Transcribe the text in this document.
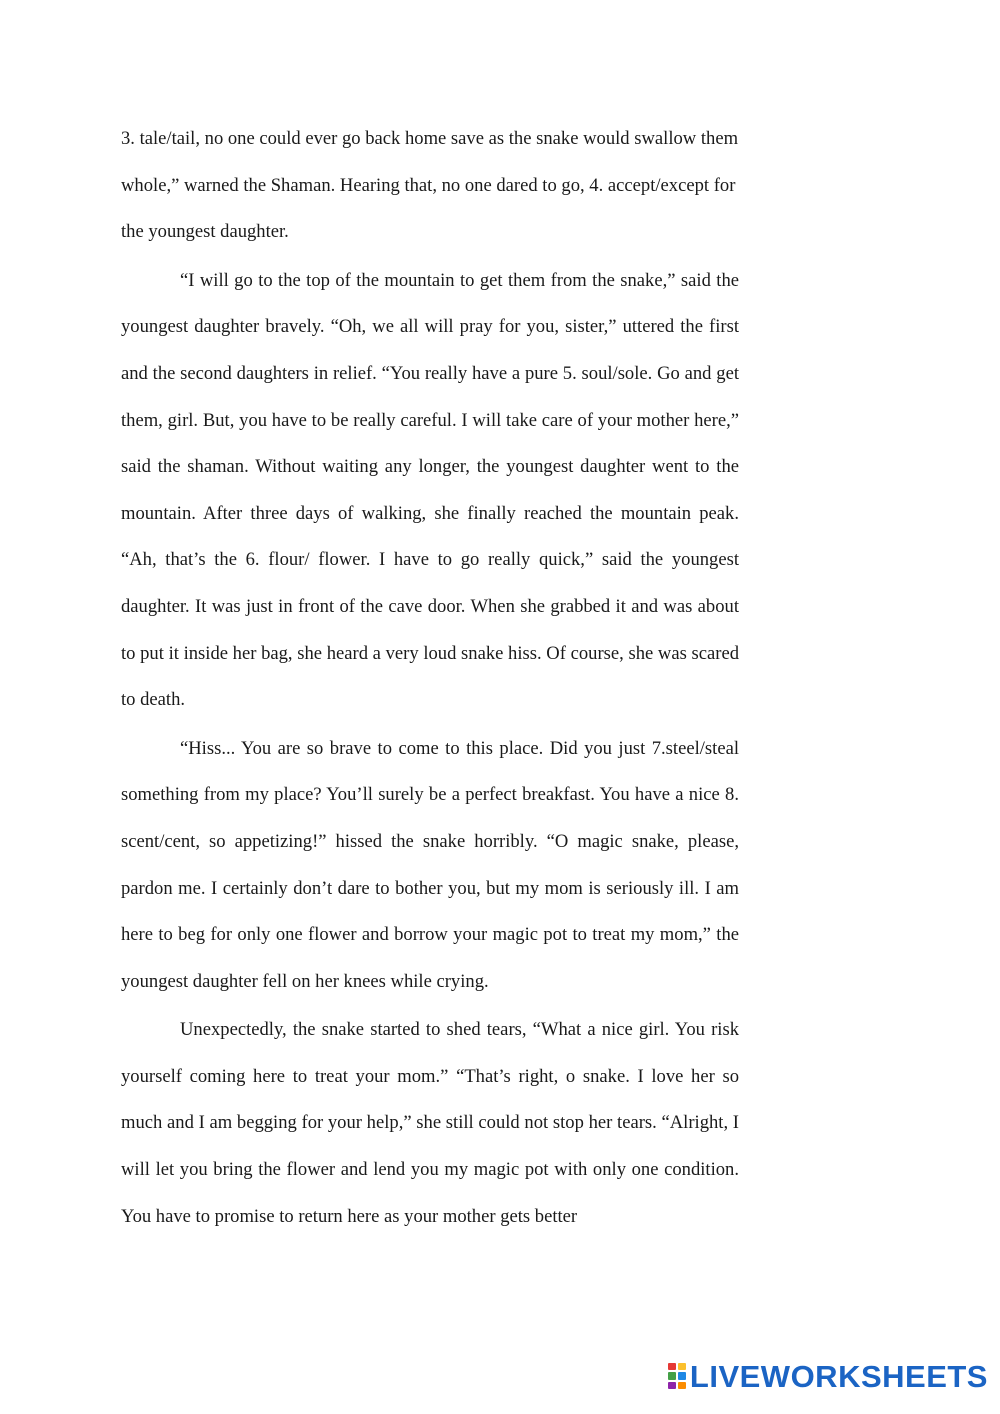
3. tale/tail, no one could ever go back home save as the snake would swallow them whole,” warned the Shaman. Hearing that, no one dared to go, 4. accept/except for the youngest daughter.

“I will go to the top of the mountain to get them from the snake,” said the youngest daughter bravely. “Oh, we all will pray for you, sister,” uttered the first and the second daughters in relief. “You really have a pure 5. soul/sole. Go and get them, girl. But, you have to be really careful. I will take care of your mother here,” said the shaman. Without waiting any longer, the youngest daughter went to the mountain. After three days of walking, she finally reached the mountain peak. “Ah, that’s the 6. flour/ flower. I have to go really quick,” said the youngest daughter. It was just in front of the cave door. When she grabbed it and was about to put it inside her bag, she heard a very loud snake hiss. Of course, she was scared to death.

“Hiss... You are so brave to come to this place. Did you just 7.steel/steal something from my place? You’ll surely be a perfect breakfast. You have a nice 8. scent/cent, so appetizing!” hissed the snake horribly. “O magic snake, please, pardon me. I certainly don’t dare to bother you, but my mom is seriously ill. I am here to beg for only one flower and borrow your magic pot to treat my mom,” the youngest daughter fell on her knees while crying.

Unexpectedly, the snake started to shed tears, “What a nice girl. You risk yourself coming here to treat your mom.” “That’s right, o snake. I love her so much and I am begging for your help,” she still could not stop her tears. “Alright, I will let you bring the flower and lend you my magic pot with only one condition. You have to promise to return here as your mother gets better

LIVEWORKSHEETS
